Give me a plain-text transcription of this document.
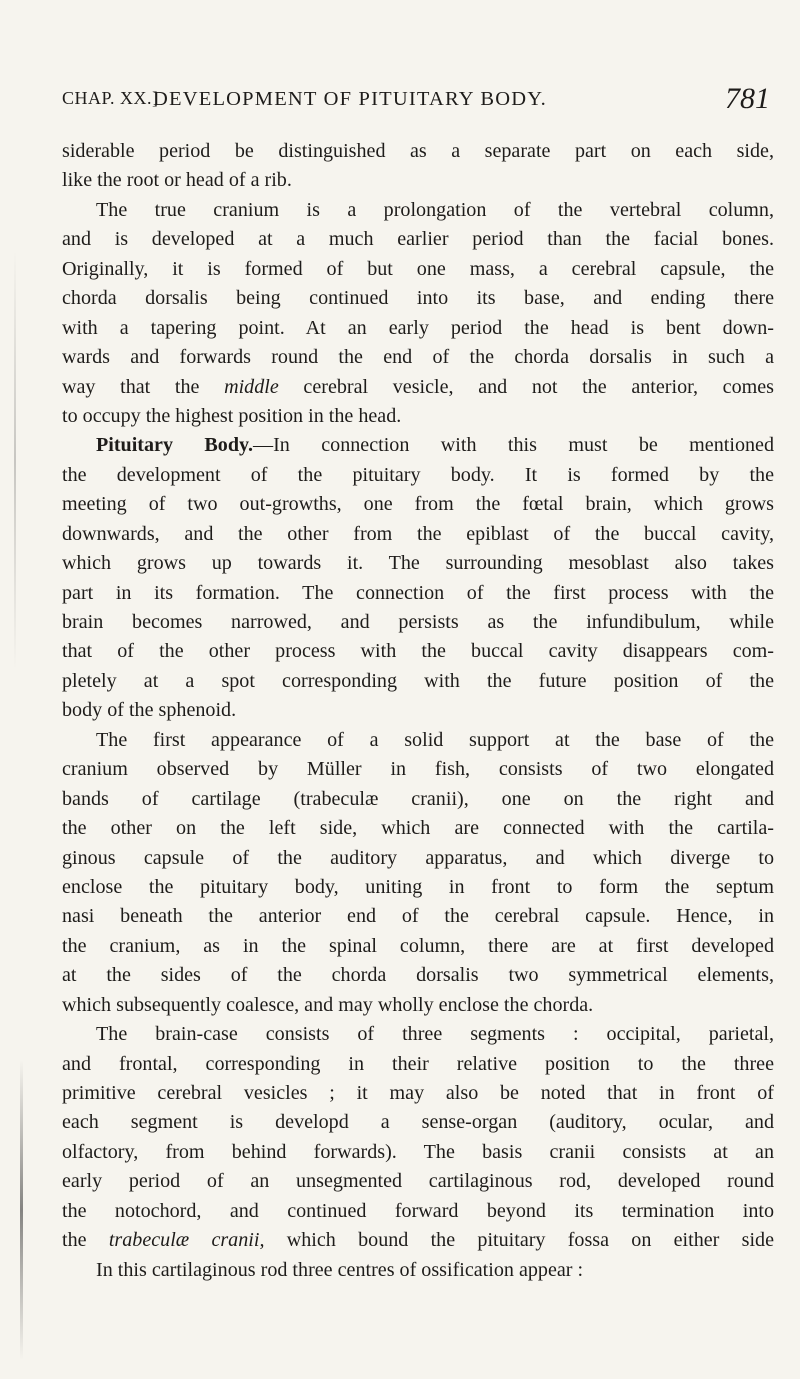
CHAP. XX.]
DEVELOPMENT OF PITUITARY BODY.	781
siderable period be distinguished as a separate part on each side,
like the root or head of a rib.
The true cranium is a prolongation of the vertebral column,
and is developed at a much earlier period than the facial bones.
Originally, it is formed of but one mass, a cerebral capsule, the
chorda dorsalis being continued into its base, and ending there
with a tapering point. At an early period the head is bent down-
wards and forwards round the end of the chorda dorsalis in such a
way that the middle cerebral vesicle, and not the anterior, comes
to occupy the highest position in the head.
Pituitary Body.—In connection with this must be mentioned
the development of the pituitary body. It is formed by the
meeting of two out-growths, one from the fœtal brain, which grows
downwards, and the other from the epiblast of the buccal cavity,
which grows up towards it. The surrounding mesoblast also takes
part in its formation. The connection of the first process with the
brain becomes narrowed, and persists as the infundibulum, while
that of the other process with the buccal cavity disappears com-
pletely at a spot corresponding with the future position of the
body of the sphenoid.
The first appearance of a solid support at the base of the
cranium observed by Müller in fish, consists of two elongated
bands of cartilage (trabeculæ cranii), one on the right and
the other on the left side, which are connected with the cartila-
ginous capsule of the auditory apparatus, and which diverge to
enclose the pituitary body, uniting in front to form the septum
nasi beneath the anterior end of the cerebral capsule. Hence, in
the cranium, as in the spinal column, there are at first developed
at the sides of the chorda dorsalis two symmetrical elements,
which subsequently coalesce, and may wholly enclose the chorda.
The brain-case consists of three segments : occipital, parietal,
and frontal, corresponding in their relative position to the three
primitive cerebral vesicles ; it may also be noted that in front of
each segment is developd a sense-organ (auditory, ocular, and
olfactory, from behind forwards). The basis cranii consists at an
early period of an unsegmented cartilaginous rod, developed round
the notochord, and continued forward beyond its termination into
the trabeculæ cranii, which bound the pituitary fossa on either side
In this cartilaginous rod three centres of ossification appear :
